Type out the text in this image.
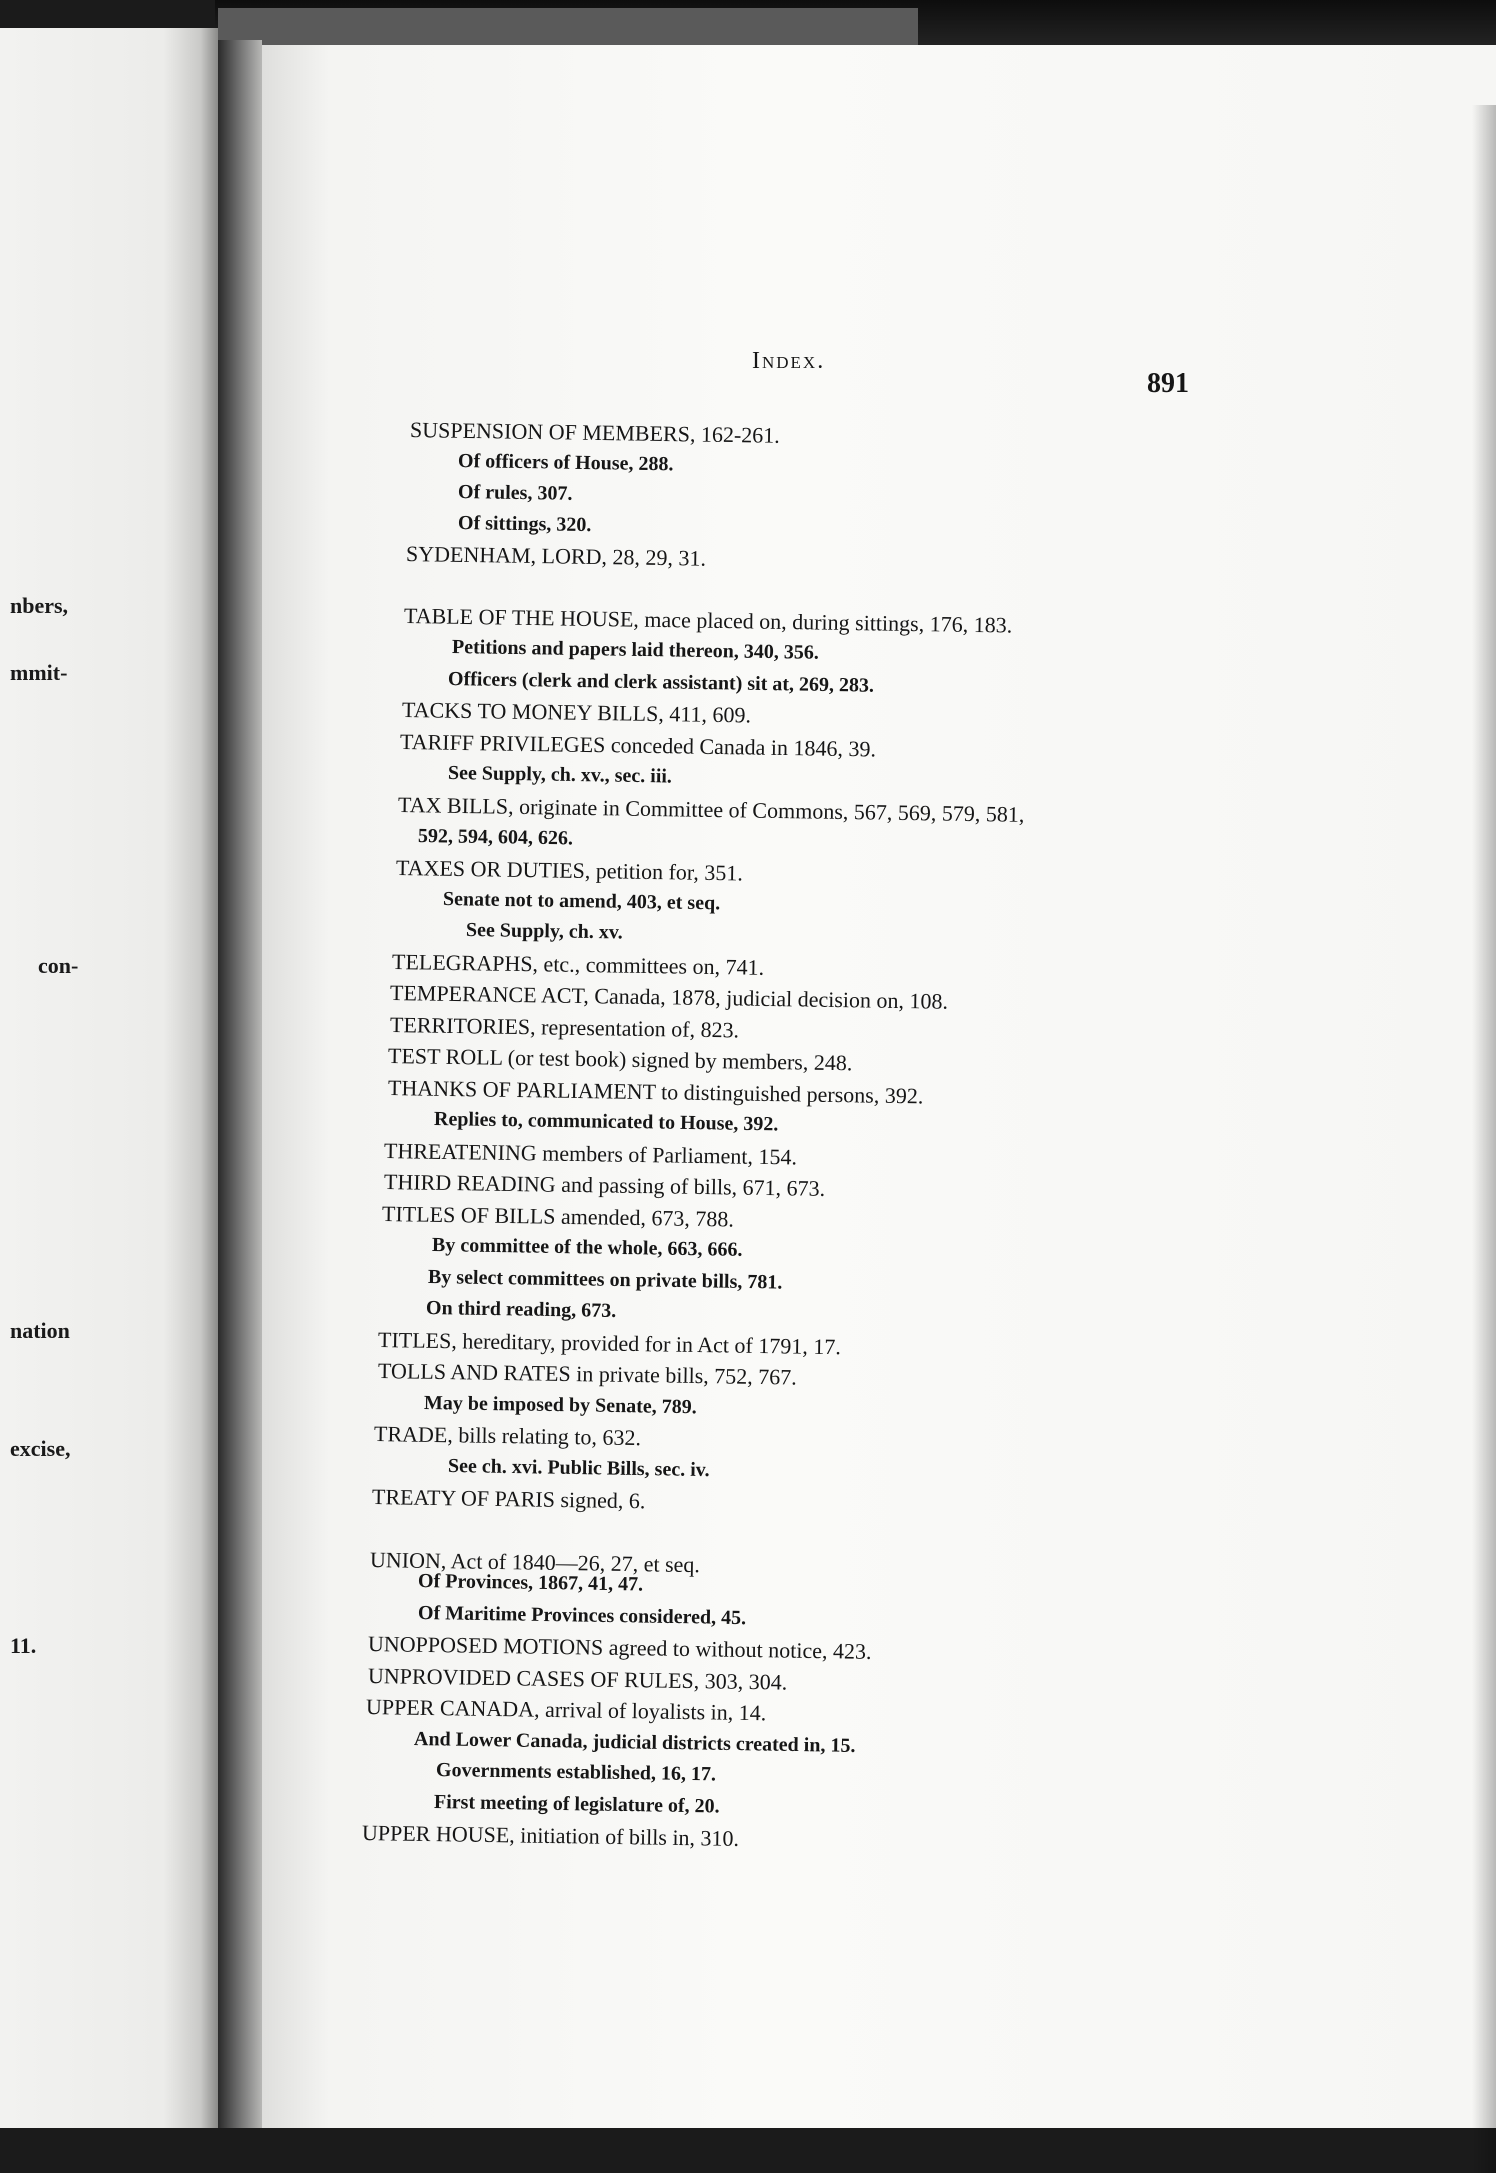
nbers,
mmit-
con-
nation
excise,
11.
Index.
891
SUSPENSION OF MEMBERS, 162-261.
Of officers of House, 288.
Of rules, 307.
Of sittings, 320.
SYDENHAM, LORD, 28, 29, 31.
TABLE OF THE HOUSE, mace placed on, during sittings, 176, 183.
Petitions and papers laid thereon, 340, 356.
Officers (clerk and clerk assistant) sit at, 269, 283.
TACKS TO MONEY BILLS, 411, 609.
TARIFF PRIVILEGES conceded Canada in 1846, 39.
See Supply, ch. xv., sec. iii.
TAX BILLS, originate in Committee of Commons, 567, 569, 579, 581,
592, 594, 604, 626.
TAXES OR DUTIES, petition for, 351.
Senate not to amend, 403, et seq.
See Supply, ch. xv.
TELEGRAPHS, etc., committees on, 741.
TEMPERANCE ACT, Canada, 1878, judicial decision on, 108.
TERRITORIES, representation of, 823.
TEST ROLL (or test book) signed by members, 248.
THANKS OF PARLIAMENT to distinguished persons, 392.
Replies to, communicated to House, 392.
THREATENING members of Parliament, 154.
THIRD READING and passing of bills, 671, 673.
TITLES OF BILLS amended, 673, 788.
By committee of the whole, 663, 666.
By select committees on private bills, 781.
On third reading, 673.
TITLES, hereditary, provided for in Act of 1791, 17.
TOLLS AND RATES in private bills, 752, 767.
May be imposed by Senate, 789.
TRADE, bills relating to, 632.
See ch. xvi. Public Bills, sec. iv.
TREATY OF PARIS signed, 6.
UNION, Act of 1840—26, 27, et seq.
Of Provinces, 1867, 41, 47.
Of Maritime Provinces considered, 45.
UNOPPOSED MOTIONS agreed to without notice, 423.
UNPROVIDED CASES OF RULES, 303, 304.
UPPER CANADA, arrival of loyalists in, 14.
And Lower Canada, judicial districts created in, 15.
Governments established, 16, 17.
First meeting of legislature of, 20.
UPPER HOUSE, initiation of bills in, 310.
